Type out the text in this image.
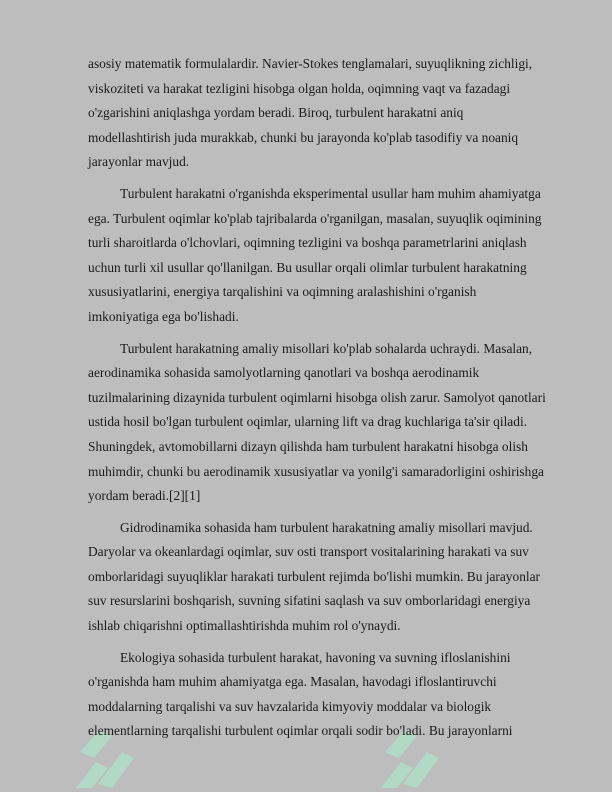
asosiy matematik formulalardir. Navier-Stokes tenglamalari, suyuqlikning zichligi, viskoziteti va harakat tezligini hisobga olgan holda, oqimning vaqt va fazadagi o'zgarishini aniqlashga yordam beradi. Biroq, turbulent harakatni aniq modellashtirish juda murakkab, chunki bu jarayonda ko'plab tasodifiy va noaniq jarayonlar mavjud.

Turbulent harakatni o'rganishda eksperimental usullar ham muhim ahamiyatga ega. Turbulent oqimlar ko'plab tajribalarda o'rganilgan, masalan, suyuqlik oqimining turli sharoitlarda o'lchovlari, oqimning tezligini va boshqa parametrlarini aniqlash uchun turli xil usullar qo'llanilgan. Bu usullar orqali olimlar turbulent harakatning xususiyatlarini, energiya tarqalishini va oqimning aralashishini o'rganish imkoniyatiga ega bo'lishadi.

Turbulent harakatning amaliy misollari ko'plab sohalarda uchraydi. Masalan, aerodinamika sohasida samolyotlarning qanotlari va boshqa aerodinamik tuzilmalarining dizaynida turbulent oqimlarni hisobga olish zarur. Samolyot qanotlari ustida hosil bo'lgan turbulent oqimlar, ularning lift va drag kuchlariga ta'sir qiladi. Shuningdek, avtomobillarni dizayn qilishda ham turbulent harakatni hisobga olish muhimdir, chunki bu aerodinamik xususiyatlar va yonilg'i samaradorligini oshirishga yordam beradi.[2][1]

Gidrodinamika sohasida ham turbulent harakatning amaliy misollari mavjud. Daryolar va okeanlardagi oqimlar, suv osti transport vositalarining harakati va suv omborlaridagi suyuqliklar harakati turbulent rejimda bo'lishi mumkin. Bu jarayonlar suv resurslarini boshqarish, suvning sifatini saqlash va suv omborlaridagi energiya ishlab chiqarishni optimallashtirishda muhim rol o'ynaydi.

Ekologiya sohasida turbulent harakat, havoning va suvning ifloslanishini o'rganishda ham muhim ahamiyatga ega. Masalan, havodagi ifloslantiruvchi moddalarning tarqalishi va suv havzalarida kimyoviy moddalar va biologik elementlarning tarqalishi turbulent oqimlar orqali sodir bo'ladi. Bu jarayonlarni
